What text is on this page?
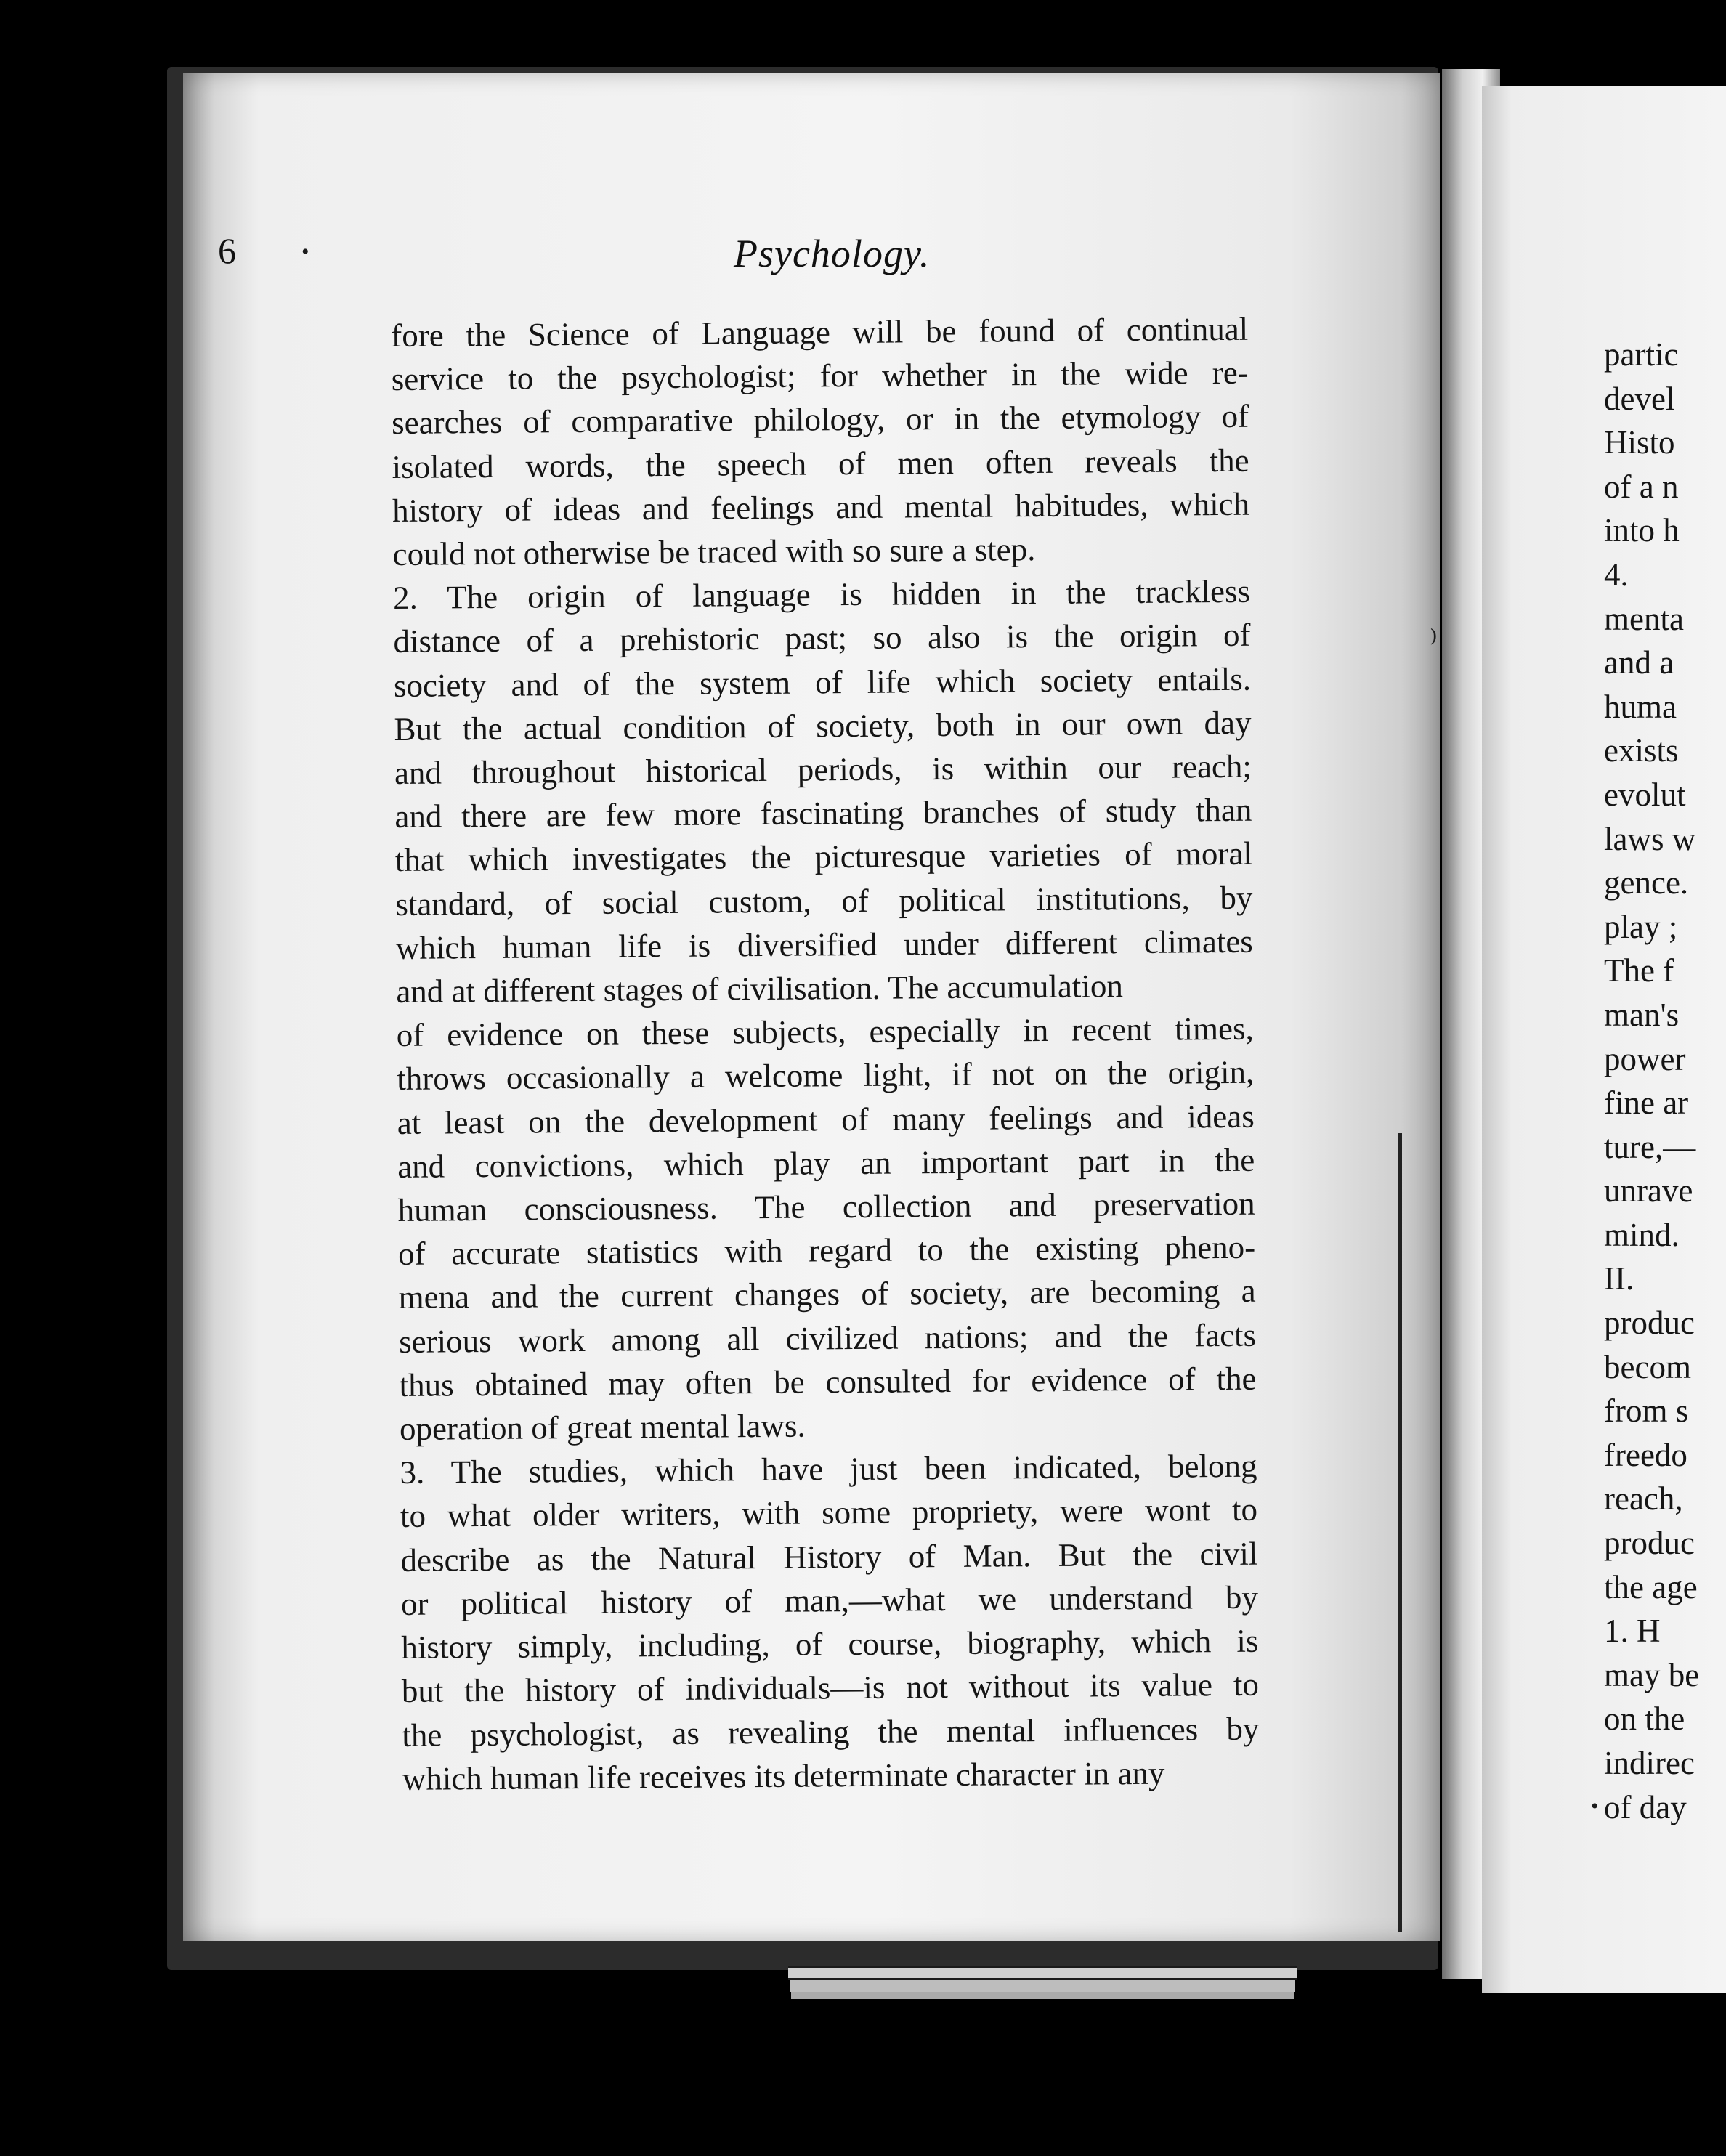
partic
devel
Histo
of a n
into h
4.
menta
and a
huma
exists
evolut
laws w
gence.
play ;
The f
man's
power
fine ar
ture,—
unrave
mind.
II.
produc
becom
from s
freedo
reach,
produc
the age
1. H
may be
on the
indirec
of day
6	Psychology.
fore the Science of Language will be found of continual
service to the psychologist; for whether in the wide re-
searches of comparative philology, or in the etymology of
isolated words, the speech of men often reveals the
history of ideas and feelings and mental habitudes, which
could not otherwise be traced with so sure a step.
2. The origin of language is hidden in the trackless
distance of a prehistoric past; so also is the origin of
society and of the system of life which society entails.
But the actual condition of society, both in our own day
and throughout historical periods, is within our reach;
and there are few more fascinating branches of study than
that which investigates the picturesque varieties of moral
standard, of social custom, of political institutions, by
which human life is diversified under different climates
and at different stages of civilisation. The accumulation
of evidence on these subjects, especially in recent times,
throws occasionally a welcome light, if not on the origin,
at least on the development of many feelings and ideas
and convictions, which play an important part in the
human consciousness. The collection and preservation
of accurate statistics with regard to the existing pheno-
mena and the current changes of society, are becoming a
serious work among all civilized nations; and the facts
thus obtained may often be consulted for evidence of the
operation of great mental laws.
3. The studies, which have just been indicated, belong
to what older writers, with some propriety, were wont to
describe as the Natural History of Man. But the civil
or political history of man,—what we understand by
history simply, including, of course, biography, which is
but the history of individuals—is not without its value to
the psychologist, as revealing the mental influences by
which human life receives its determinate character in any
⁾
•
•
